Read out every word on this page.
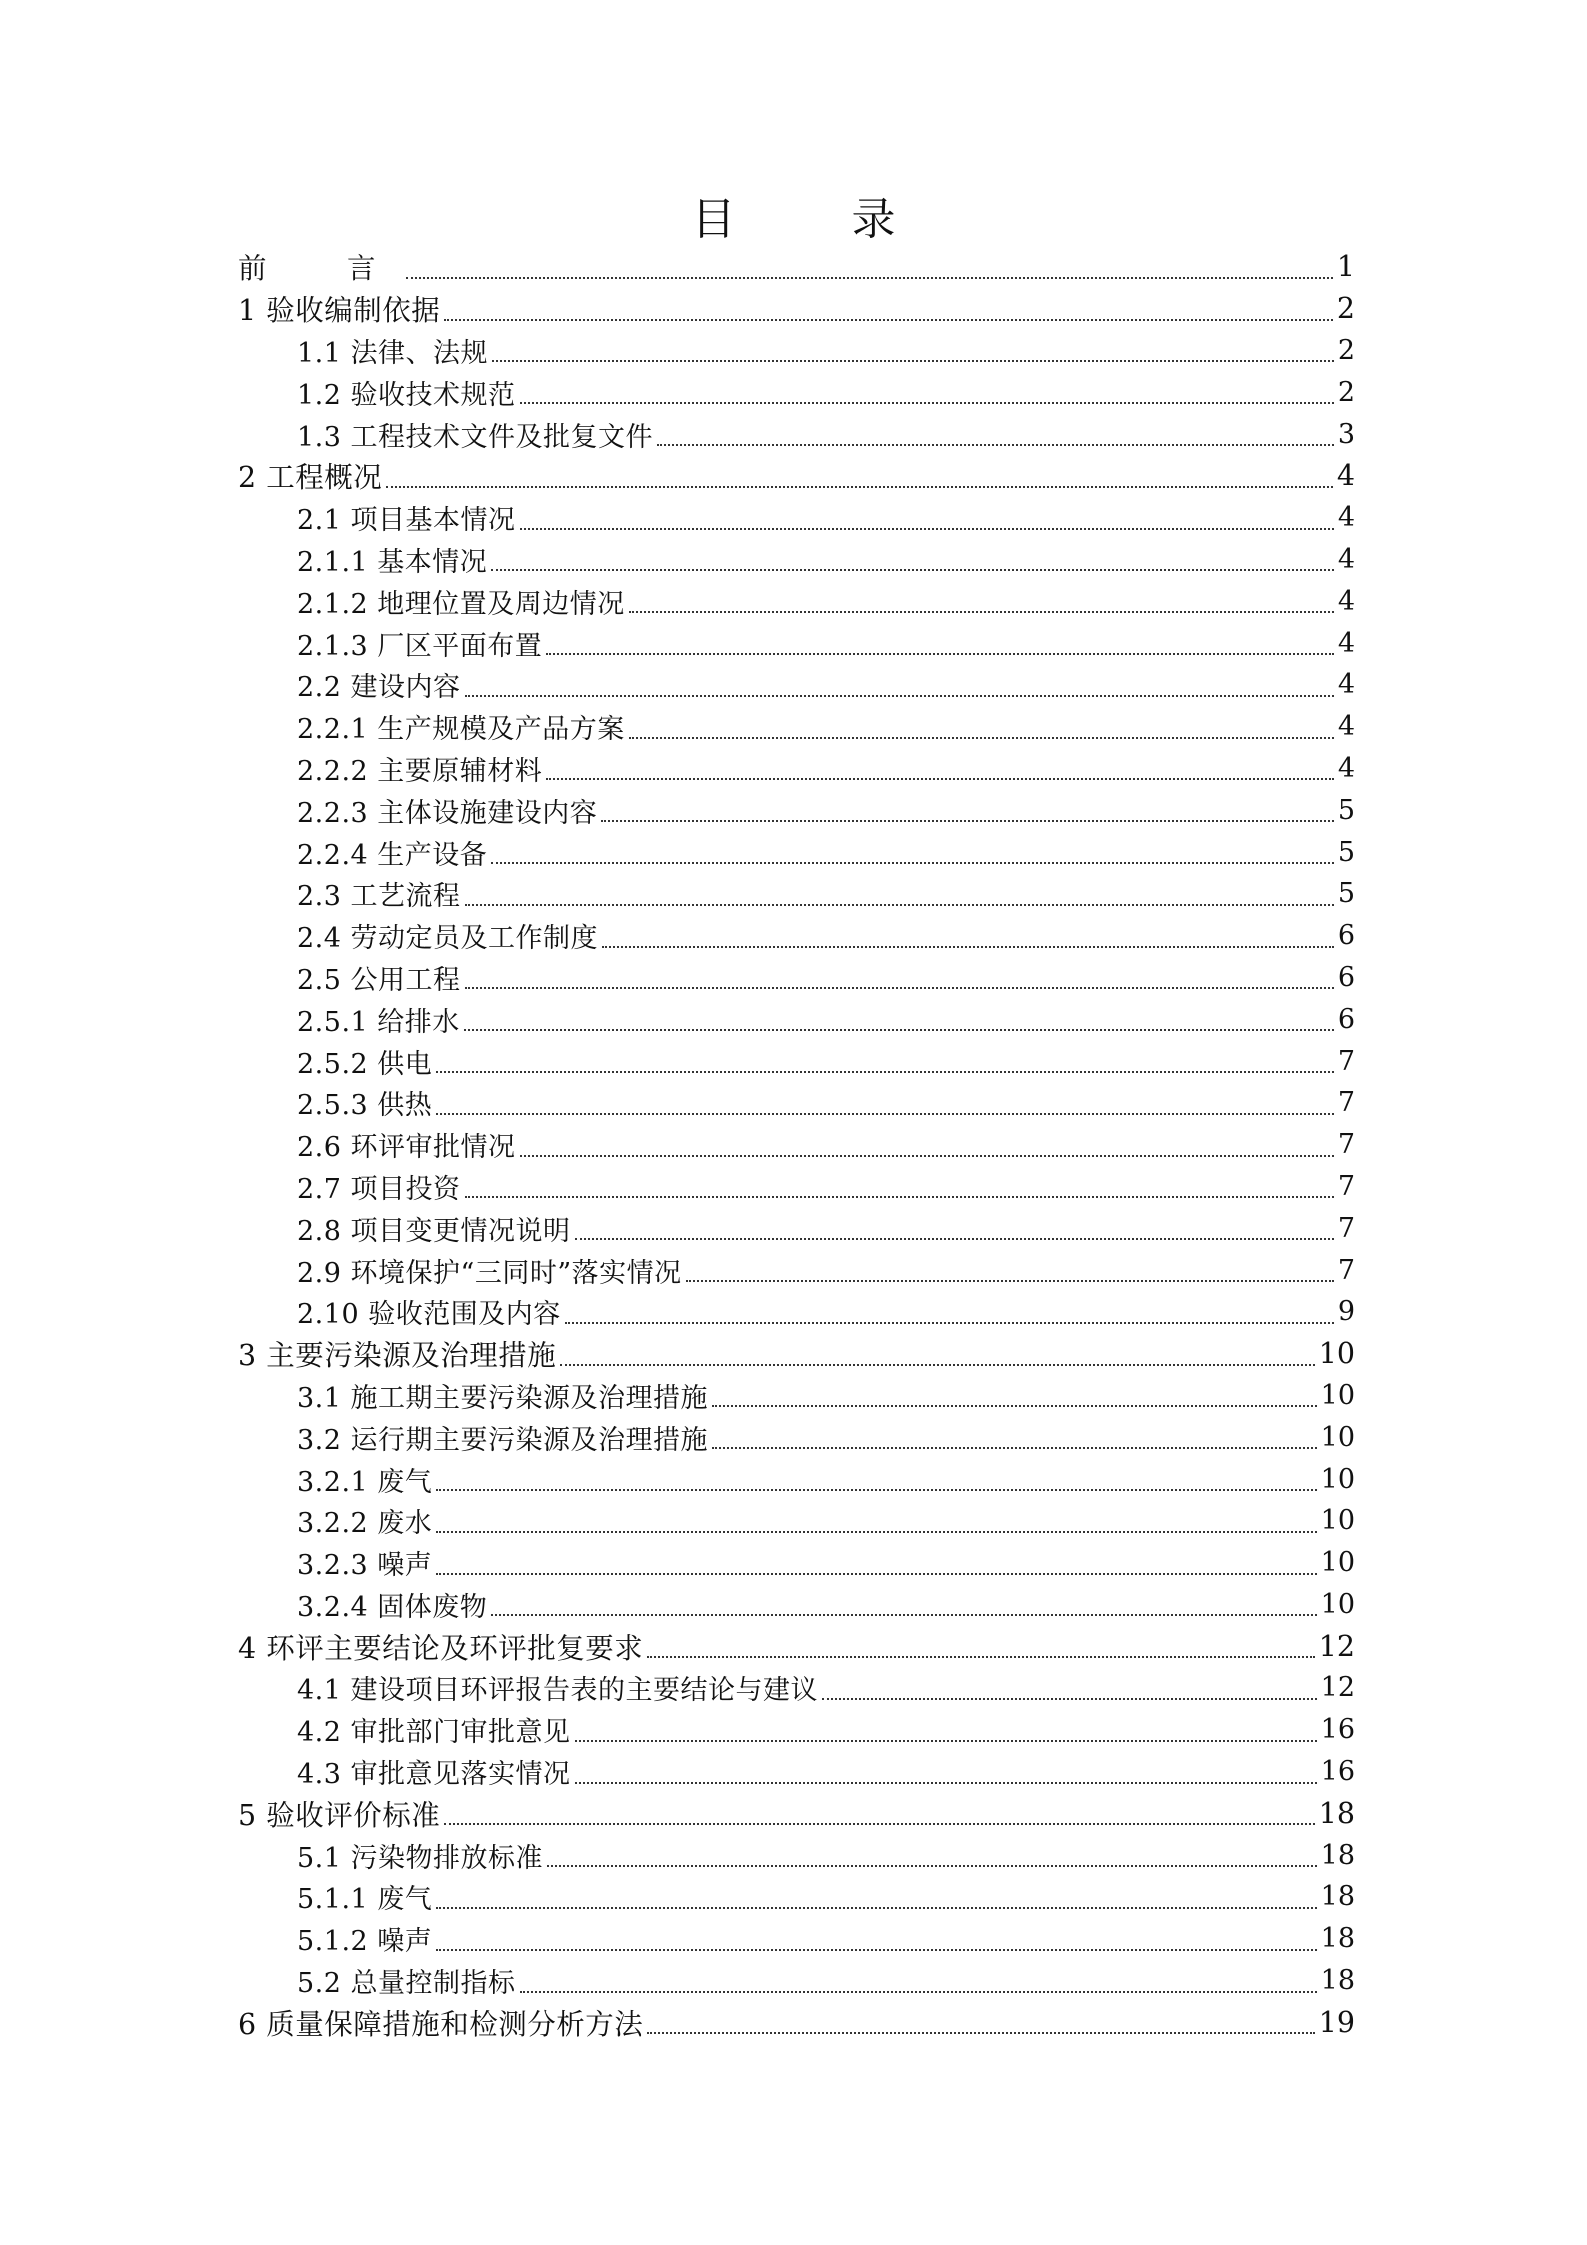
目　录
前　言	1
1 验收编制依据	2
1.1 法律、法规	2
1.2 验收技术规范	2
1.3 工程技术文件及批复文件	3
2 工程概况	4
2.1 项目基本情况	4
2.1.1 基本情况	4
2.1.2 地理位置及周边情况	4
2.1.3 厂区平面布置	4
2.2 建设内容	4
2.2.1 生产规模及产品方案	4
2.2.2 主要原辅材料	4
2.2.3 主体设施建设内容	5
2.2.4 生产设备	5
2.3 工艺流程	5
2.4 劳动定员及工作制度	6
2.5 公用工程	6
2.5.1 给排水	6
2.5.2 供电	7
2.5.3 供热	7
2.6 环评审批情况	7
2.7 项目投资	7
2.8 项目变更情况说明	7
2.9 环境保护“三同时”落实情况	7
2.10 验收范围及内容	9
3 主要污染源及治理措施	10
3.1 施工期主要污染源及治理措施	10
3.2 运行期主要污染源及治理措施	10
3.2.1 废气	10
3.2.2 废水	10
3.2.3 噪声	10
3.2.4 固体废物	10
4 环评主要结论及环评批复要求	12
4.1 建设项目环评报告表的主要结论与建议	12
4.2 审批部门审批意见	16
4.3 审批意见落实情况	16
5 验收评价标准	18
5.1 污染物排放标准	18
5.1.1 废气	18
5.1.2 噪声	18
5.2 总量控制指标	18
6 质量保障措施和检测分析方法	19
